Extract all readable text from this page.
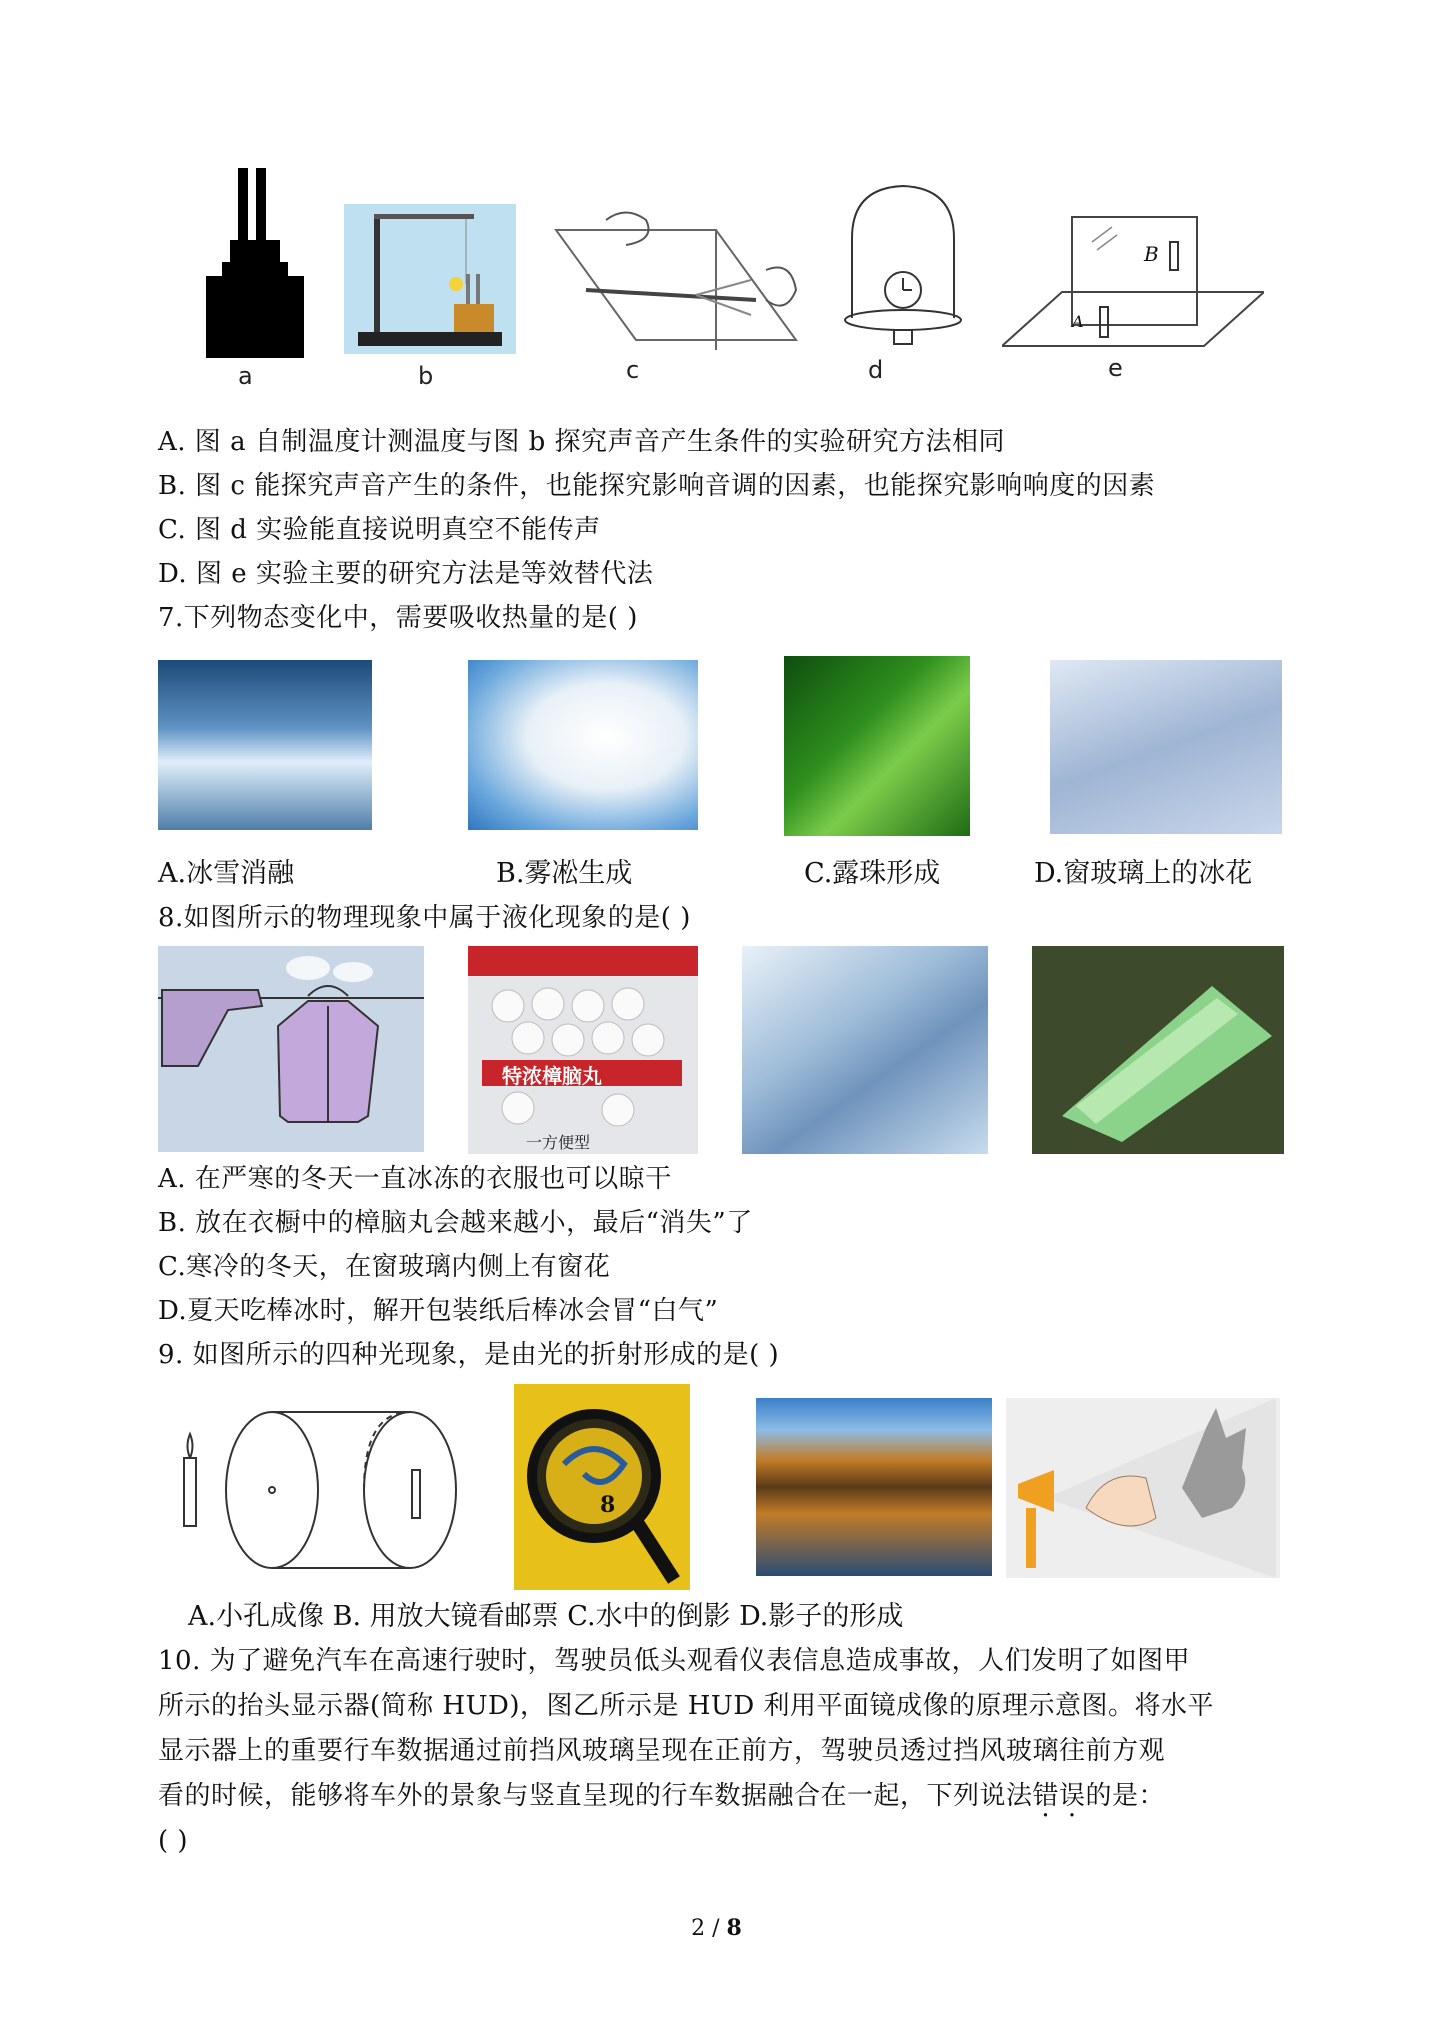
a	b	c	d
B
A
e
A. 图 a 自制温度计测温度与图 b 探究声音产生条件的实验研究方法相同
B. 图 c 能探究声音产生的条件，也能探究影响音调的因素，也能探究影响响度的因素
C. 图 d 实验能直接说明真空不能传声
D. 图 e 实验主要的研究方法是等效替代法
7.下列物态变化中，需要吸收热量的是( )
A.冰雪消融	B.雾凇生成	C.露珠形成	D.窗玻璃上的冰花
8.如图所示的物理现象中属于液化现象的是( )
特浓樟脑丸
一方便型
A. 在严寒的冬天一直冰冻的衣服也可以晾干
B. 放在衣橱中的樟脑丸会越来越小，最后“消失”了
C.寒冷的冬天，在窗玻璃内侧上有窗花
D.夏天吃棒冰时，解开包装纸后棒冰会冒“白气”
9. 如图所示的四种光现象，是由光的折射形成的是( )
8
A.小孔成像 B. 用放大镜看邮票 C.水中的倒影 D.影子的形成
10. 为了避免汽车在高速行驶时，驾驶员低头观看仪表信息造成事故，人们发明了如图甲
所示的抬头显示器(简称 HUD)，图乙所示是 HUD 利用平面镜成像的原理示意图。将水平
显示器上的重要行车数据通过前挡风玻璃呈现在正前方，驾驶员透过挡风玻璃往前方观
看的时候，能够将车外的景象与竖直呈现的行车数据融合在一起，下列说法错误的是：
( )
2 / 8
